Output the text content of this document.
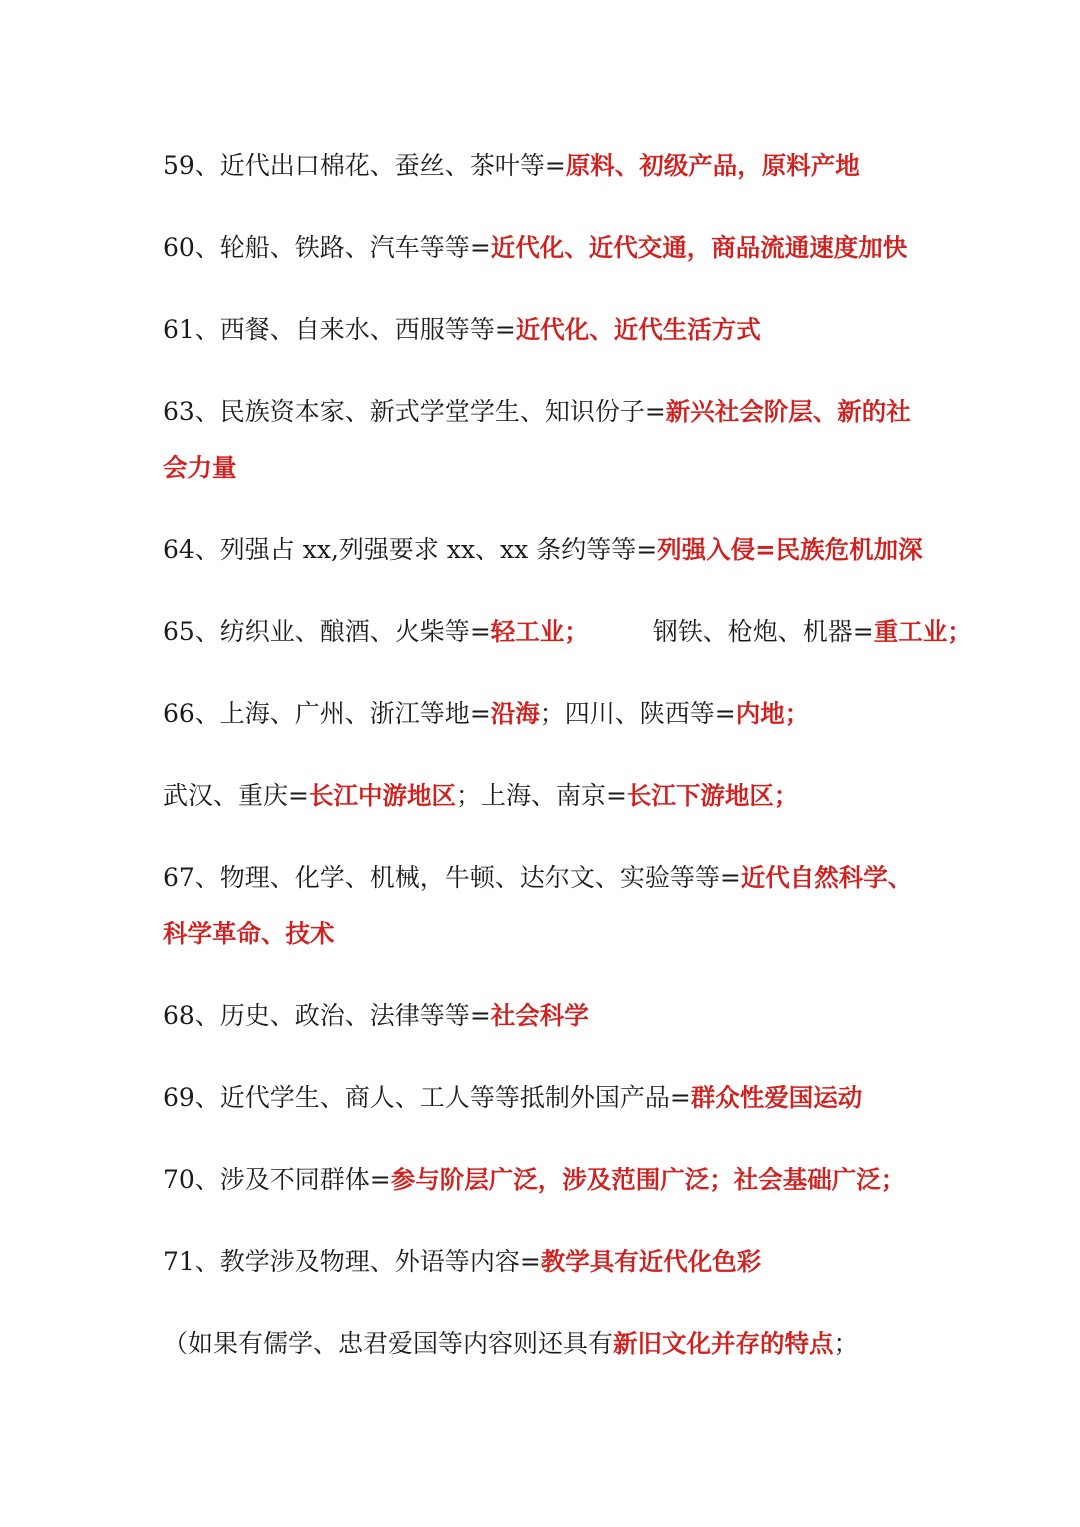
59、近代出口棉花、蚕丝、茶叶等=原料、初级产品，原料产地
60、轮船、铁路、汽车等等=近代化、近代交通，商品流通速度加快
61、西餐、自来水、西服等等=近代化、近代生活方式
63、民族资本家、新式学堂学生、知识份子=新兴社会阶层、新的社
会力量
64、列强占 xx,列强要求 xx、xx 条约等等=列强入侵=民族危机加深
65、纺织业、酿酒、火柴等=轻工业；	钢铁、枪炮、机器=重工业；
66、上海、广州、浙江等地=沿海；四川、陕西等=内地；
武汉、重庆=长江中游地区；上海、南京=长江下游地区；
67、物理、化学、机械，牛顿、达尔文、实验等等=近代自然科学、
科学革命、技术
68、历史、政治、法律等等=社会科学
69、近代学生、商人、工人等等抵制外国产品=群众性爱国运动
70、涉及不同群体=参与阶层广泛，涉及范围广泛；社会基础广泛；
71、教学涉及物理、外语等内容=教学具有近代化色彩
（如果有儒学、忠君爱国等内容则还具有新旧文化并存的特点；
